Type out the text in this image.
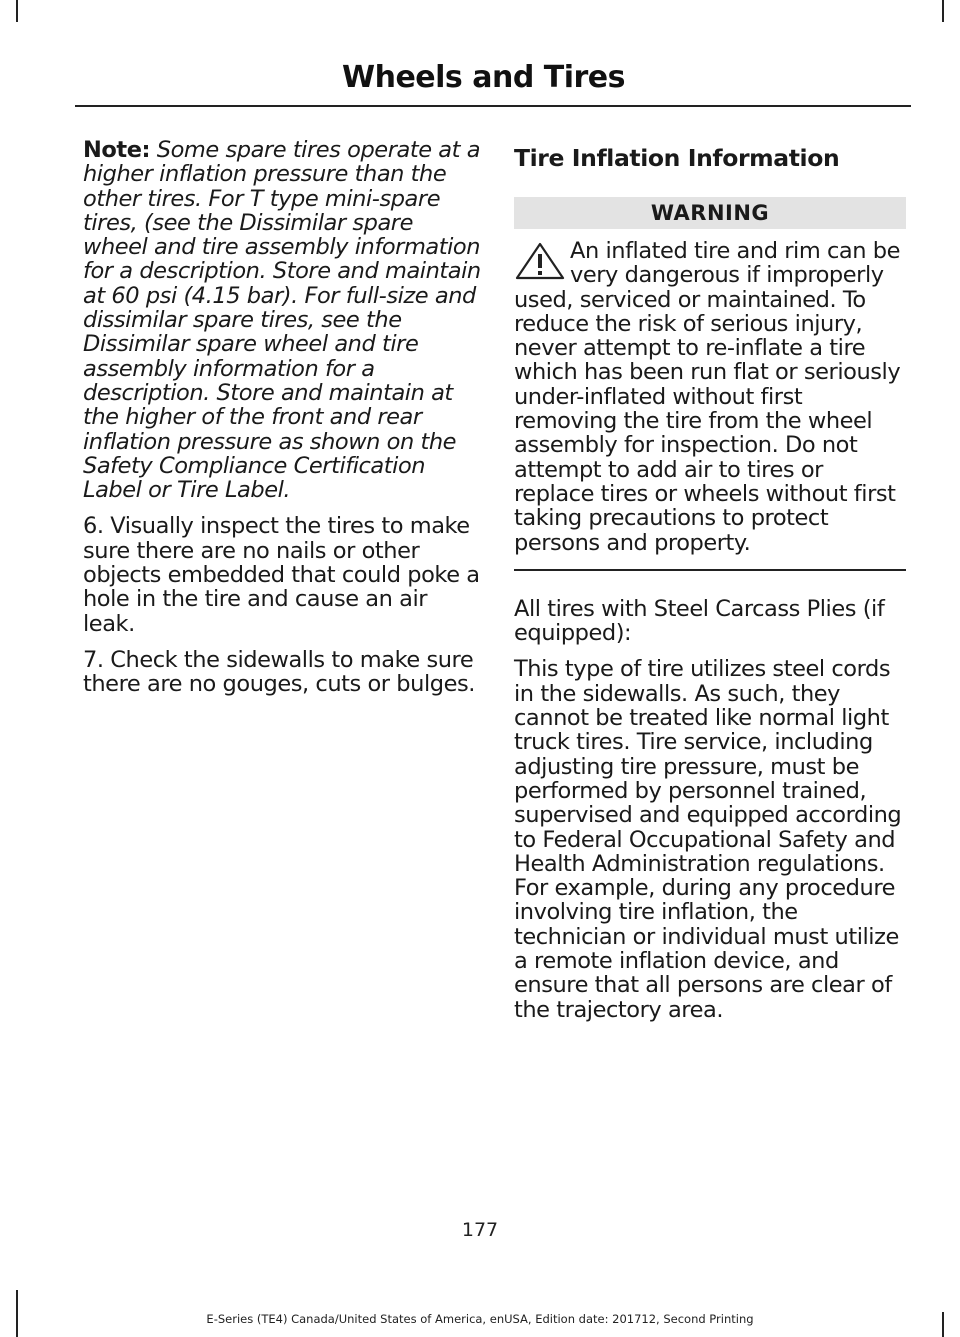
Wheels and Tires

Note: Some spare tires operate at a higher inflation pressure than the other tires. For T type mini-spare tires, (see the Dissimilar spare wheel and tire assembly information for a description. Store and maintain at 60 psi (4.15 bar). For full-size and dissimilar spare tires, see the Dissimilar spare wheel and tire assembly information for a description. Store and maintain at the higher of the front and rear inflation pressure as shown on the Safety Compliance Certification Label or Tire Label.

6. Visually inspect the tires to make sure there are no nails or other objects embedded that could poke a hole in the tire and cause an air leak.

7. Check the sidewalls to make sure there are no gouges, cuts or bulges.

Tire Inflation Information
WARNING
An inflated tire and rim can be very dangerous if improperly used, serviced or maintained. To reduce the risk of serious injury, never attempt to re-inflate a tire which has been run flat or seriously under-inflated without first removing the tire from the wheel assembly for inspection. Do not attempt to add air to tires or replace tires or wheels without first taking precautions to protect persons and property.

All tires with Steel Carcass Plies (if equipped):

This type of tire utilizes steel cords in the sidewalls. As such, they cannot be treated like normal light truck tires. Tire service, including adjusting tire pressure, must be performed by personnel trained, supervised and equipped according to Federal Occupational Safety and Health Administration regulations. For example, during any procedure involving tire inflation, the technician or individual must utilize a remote inflation device, and ensure that all persons are clear of the trajectory area.

177
E-Series (TE4) Canada/United States of America, enUSA, Edition date: 201712, Second Printing
